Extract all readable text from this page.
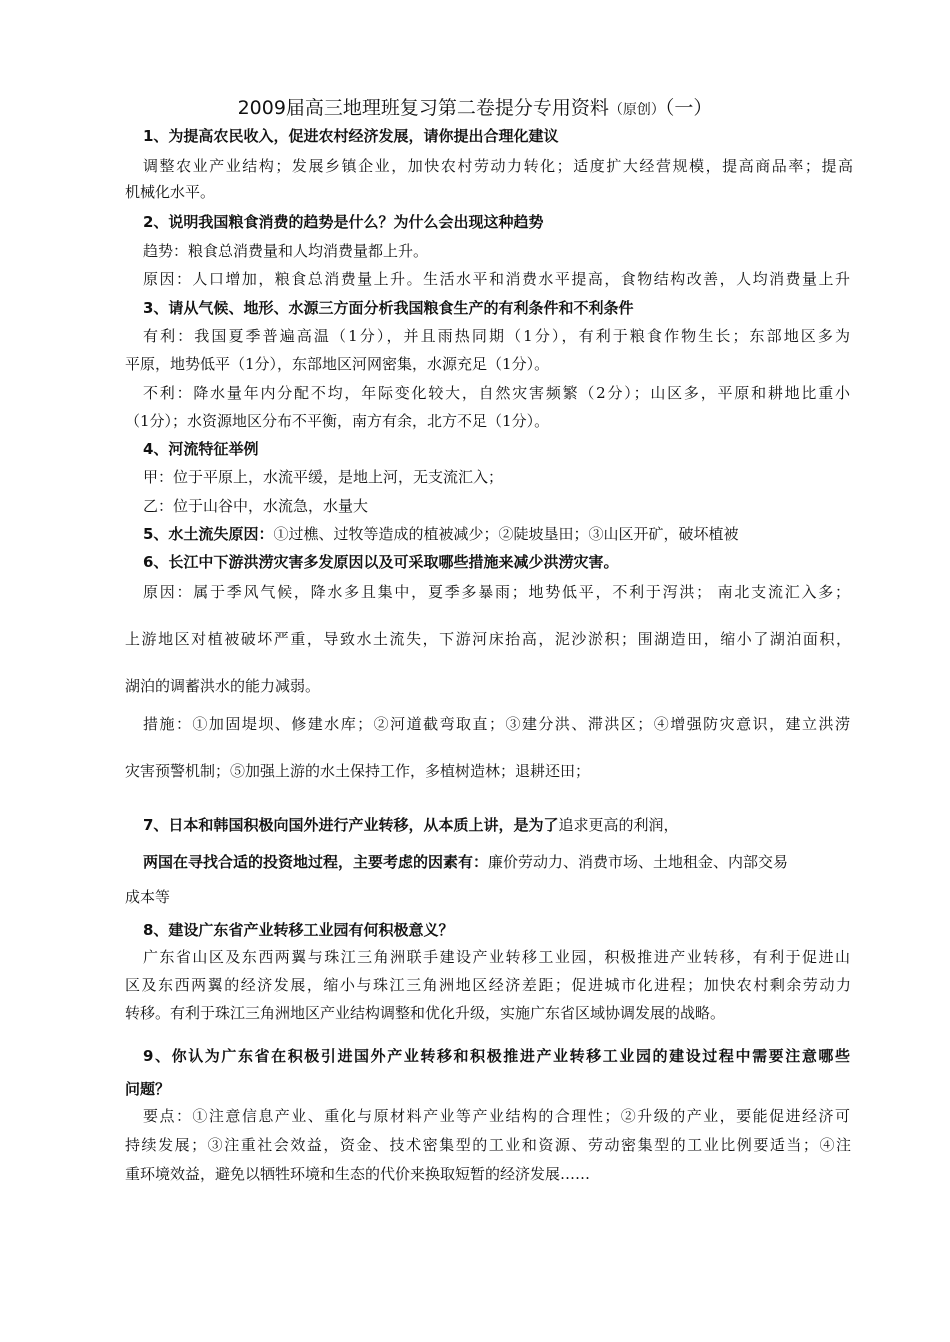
2009届高三地理班复习第二卷提分专用资料（原创）（一）
1、为提高农民收入，促进农村经济发展，请你提出合理化建议
调整农业产业结构；发展乡镇企业，加快农村劳动力转化；适度扩大经营规模，提高商品率；提高
机械化水平。
2、说明我国粮食消费的趋势是什么？为什么会出现这种趋势
趋势：粮食总消费量和人均消费量都上升。
原因：人口增加，粮食总消费量上升。生活水平和消费水平提高，食物结构改善，人均消费量上升
3、请从气候、地形、水源三方面分析我国粮食生产的有利条件和不利条件
有利：我国夏季普遍高温（1分），并且雨热同期（1分），有利于粮食作物生长；东部地区多为
平原，地势低平（1分），东部地区河网密集，水源充足（1分）。
不利：降水量年内分配不均，年际变化较大，自然灾害频繁（2分）；山区多，平原和耕地比重小
（1分）；水资源地区分布不平衡，南方有余，北方不足（1分）。
4、河流特征举例
甲：位于平原上，水流平缓，是地上河，无支流汇入；
乙：位于山谷中，水流急，水量大
5、水土流失原因：①过樵、过牧等造成的植被减少；②陡坡垦田；③山区开矿，破坏植被
6、长江中下游洪涝灾害多发原因以及可采取哪些措施来减少洪涝灾害。
原因：属于季风气候，降水多且集中，夏季多暴雨；地势低平，不利于泻洪； 南北支流汇入多；
上游地区对植被破坏严重，导致水土流失，下游河床抬高，泥沙淤积；围湖造田，缩小了湖泊面积，
湖泊的调蓄洪水的能力减弱。
措施：①加固堤坝、修建水库；②河道截弯取直；③建分洪、滞洪区；④增强防灾意识，建立洪涝
灾害预警机制；⑤加强上游的水土保持工作，多植树造林；退耕还田；
7、日本和韩国积极向国外进行产业转移，从本质上讲，是为了追求更高的利润，
两国在寻找合适的投资地过程，主要考虑的因素有：廉价劳动力、消费市场、土地租金、内部交易
成本等
8、建设广东省产业转移工业园有何积极意义？
广东省山区及东西两翼与珠江三角洲联手建设产业转移工业园，积极推进产业转移，有利于促进山
区及东西两翼的经济发展，缩小与珠江三角洲地区经济差距；促进城市化进程；加快农村剩余劳动力
转移。有利于珠江三角洲地区产业结构调整和优化升级，实施广东省区域协调发展的战略。
9、你认为广东省在积极引进国外产业转移和积极推进产业转移工业园的建设过程中需要注意哪些
问题？
要点：①注意信息产业、重化与原材料产业等产业结构的合理性；②升级的产业，要能促进经济可
持续发展；③注重社会效益，资金、技术密集型的工业和资源、劳动密集型的工业比例要适当；④注
重环境效益，避免以牺牲环境和生态的代价来换取短暂的经济发展……
